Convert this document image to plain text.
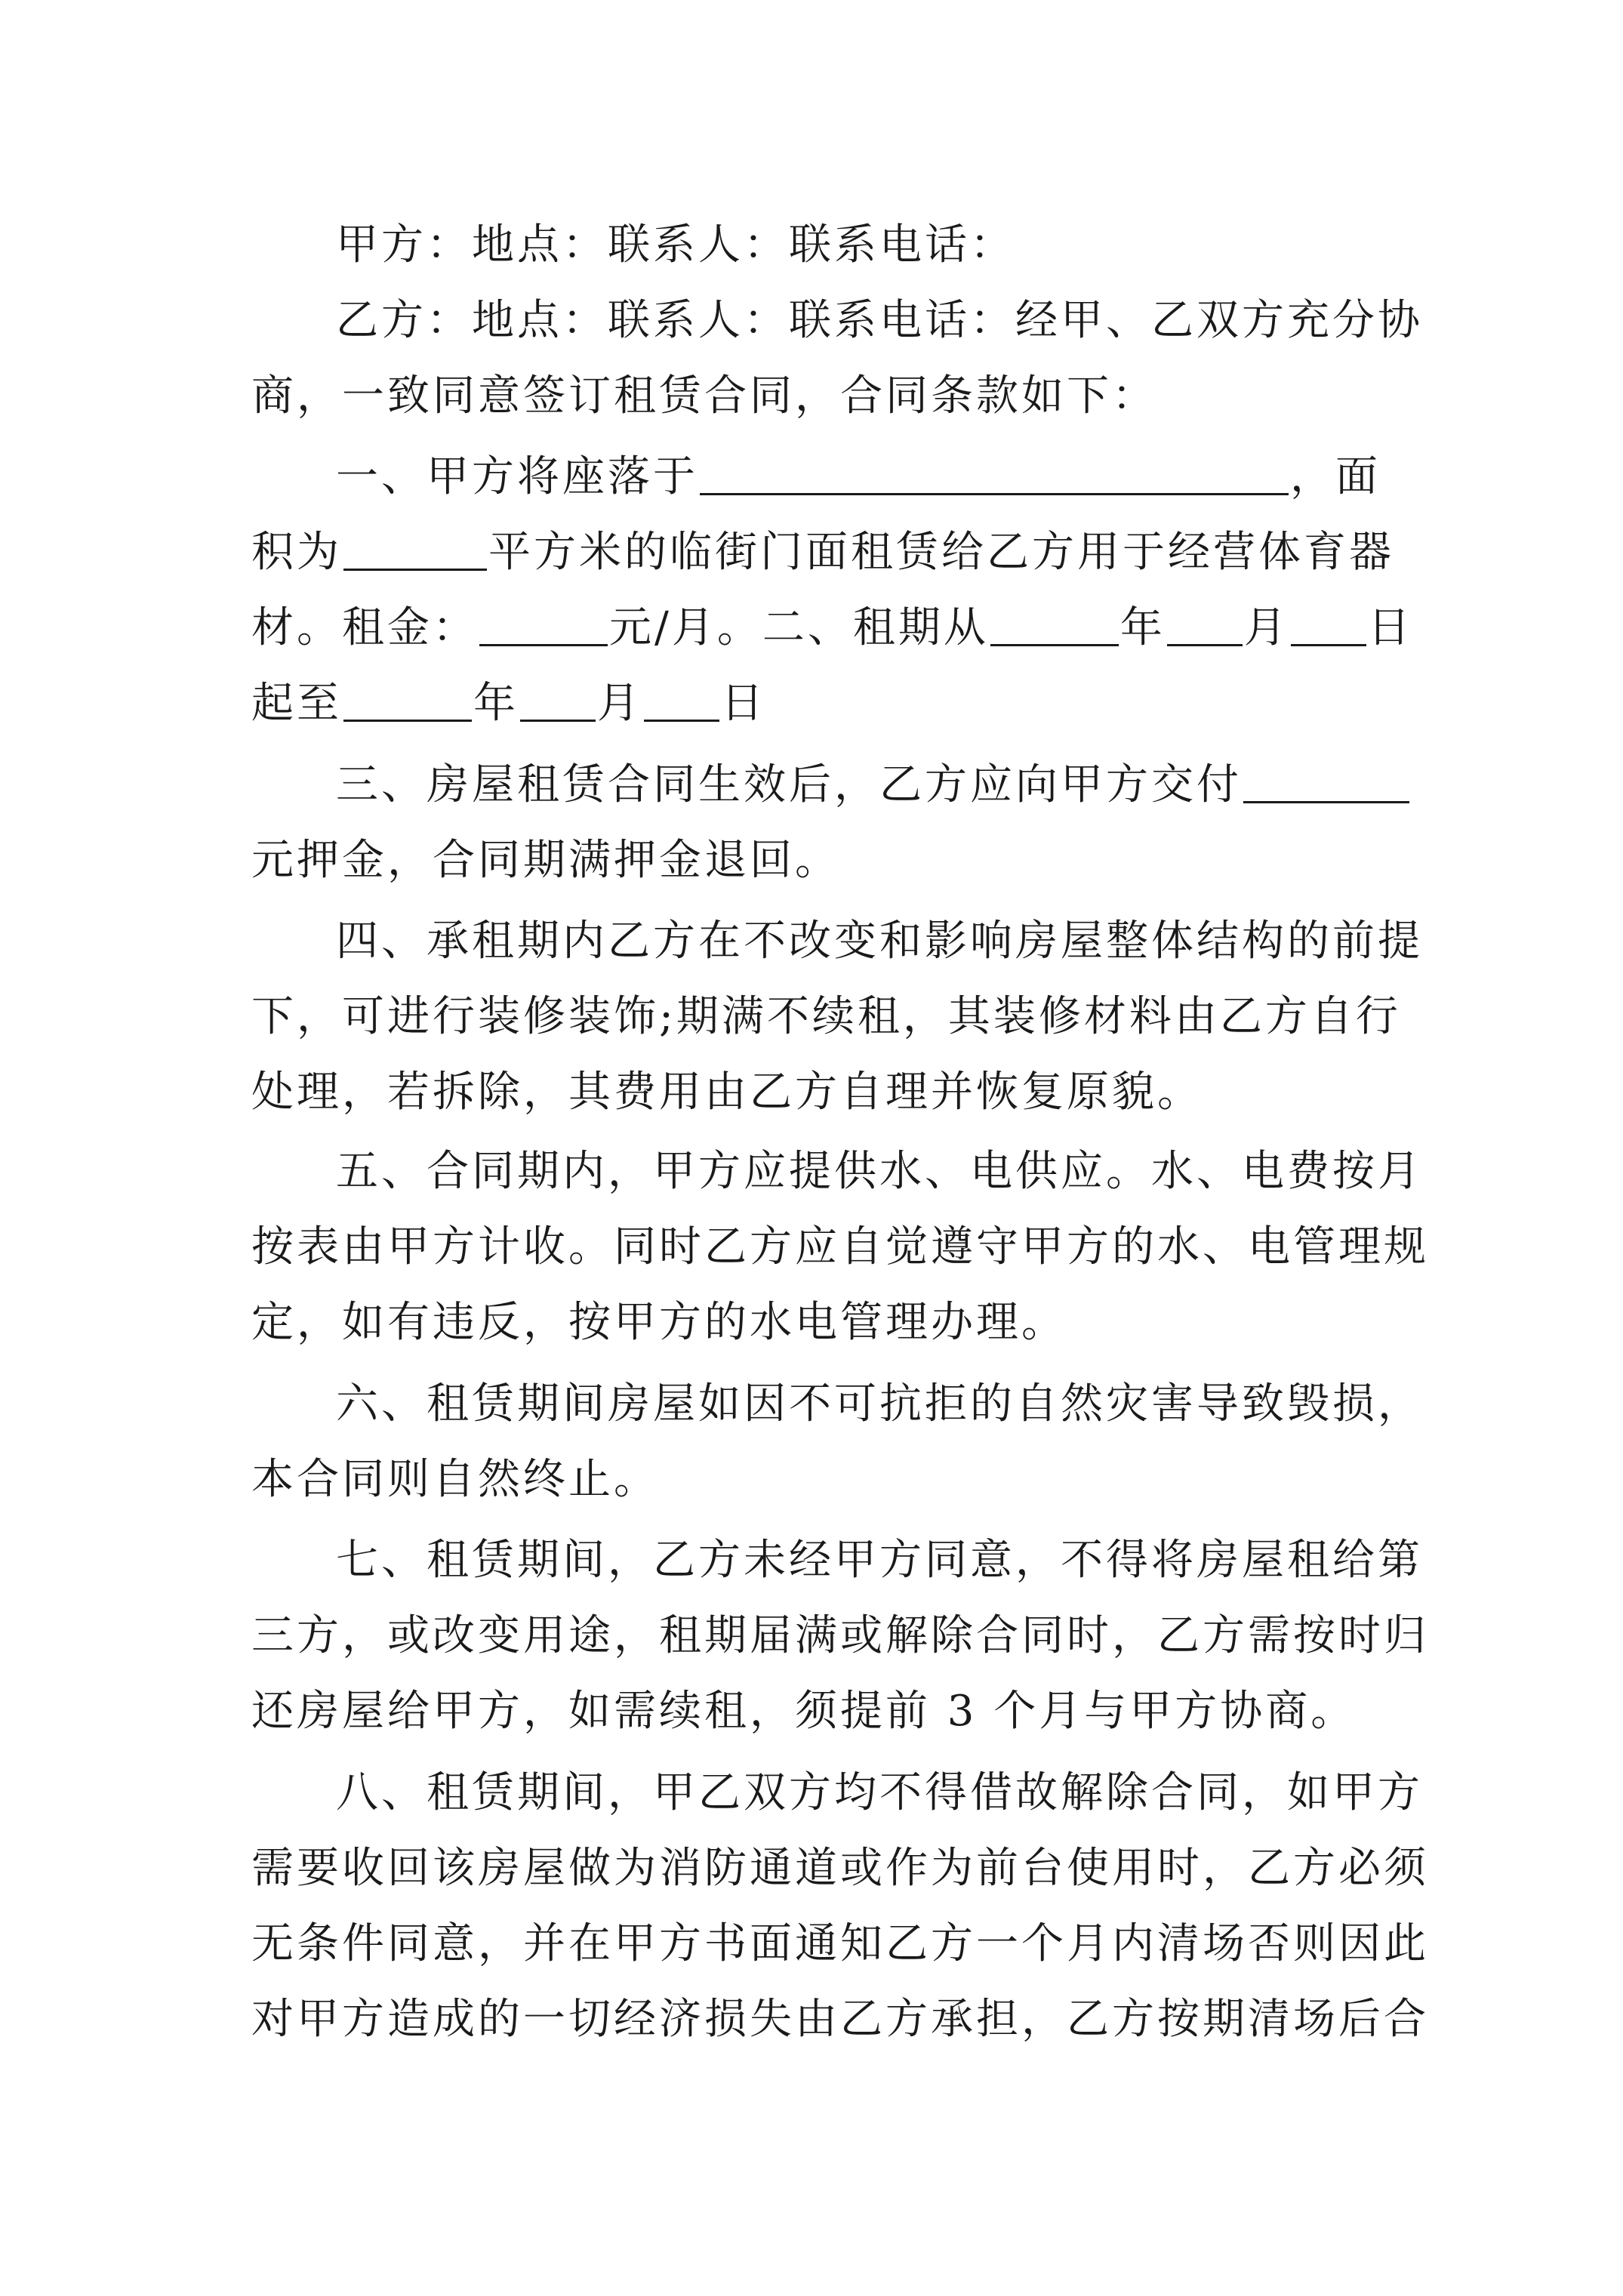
甲方：地点：联系人：联系电话：
乙方：地点：联系人：联系电话：经甲、乙双方充分协
商，一致同意签订租赁合同，合同条款如下：
一、甲方将座落于	，面
积为	平方米的临街门面租赁给乙方用于经营体育器
材。租金：	元/月。二、租期从	年 月 日
起至	年 月 日
三、房屋租赁合同生效后，乙方应向甲方交付
元押金，合同期满押金退回。
四、承租期内乙方在不改变和影响房屋整体结构的前提
下，可进行装修装饰;期满不续租，其装修材料由乙方自行
处理，若拆除，其费用由乙方自理并恢复原貌。
五、合同期内，甲方应提供水、电供应。水、电费按月
按表由甲方计收。同时乙方应自觉遵守甲方的水、电管理规
定，如有违反，按甲方的水电管理办理。
六、租赁期间房屋如因不可抗拒的自然灾害导致毁损，
本合同则自然终止。
七、租赁期间，乙方未经甲方同意，不得将房屋租给第
三方，或改变用途，租期届满或解除合同时，乙方需按时归
还房屋给甲方，如需续租，须提前 3 个月与甲方协商。
八、租赁期间，甲乙双方均不得借故解除合同，如甲方
需要收回该房屋做为消防通道或作为前台使用时，乙方必须
无条件同意，并在甲方书面通知乙方一个月内清场否则因此
对甲方造成的一切经济损失由乙方承担，乙方按期清场后合
